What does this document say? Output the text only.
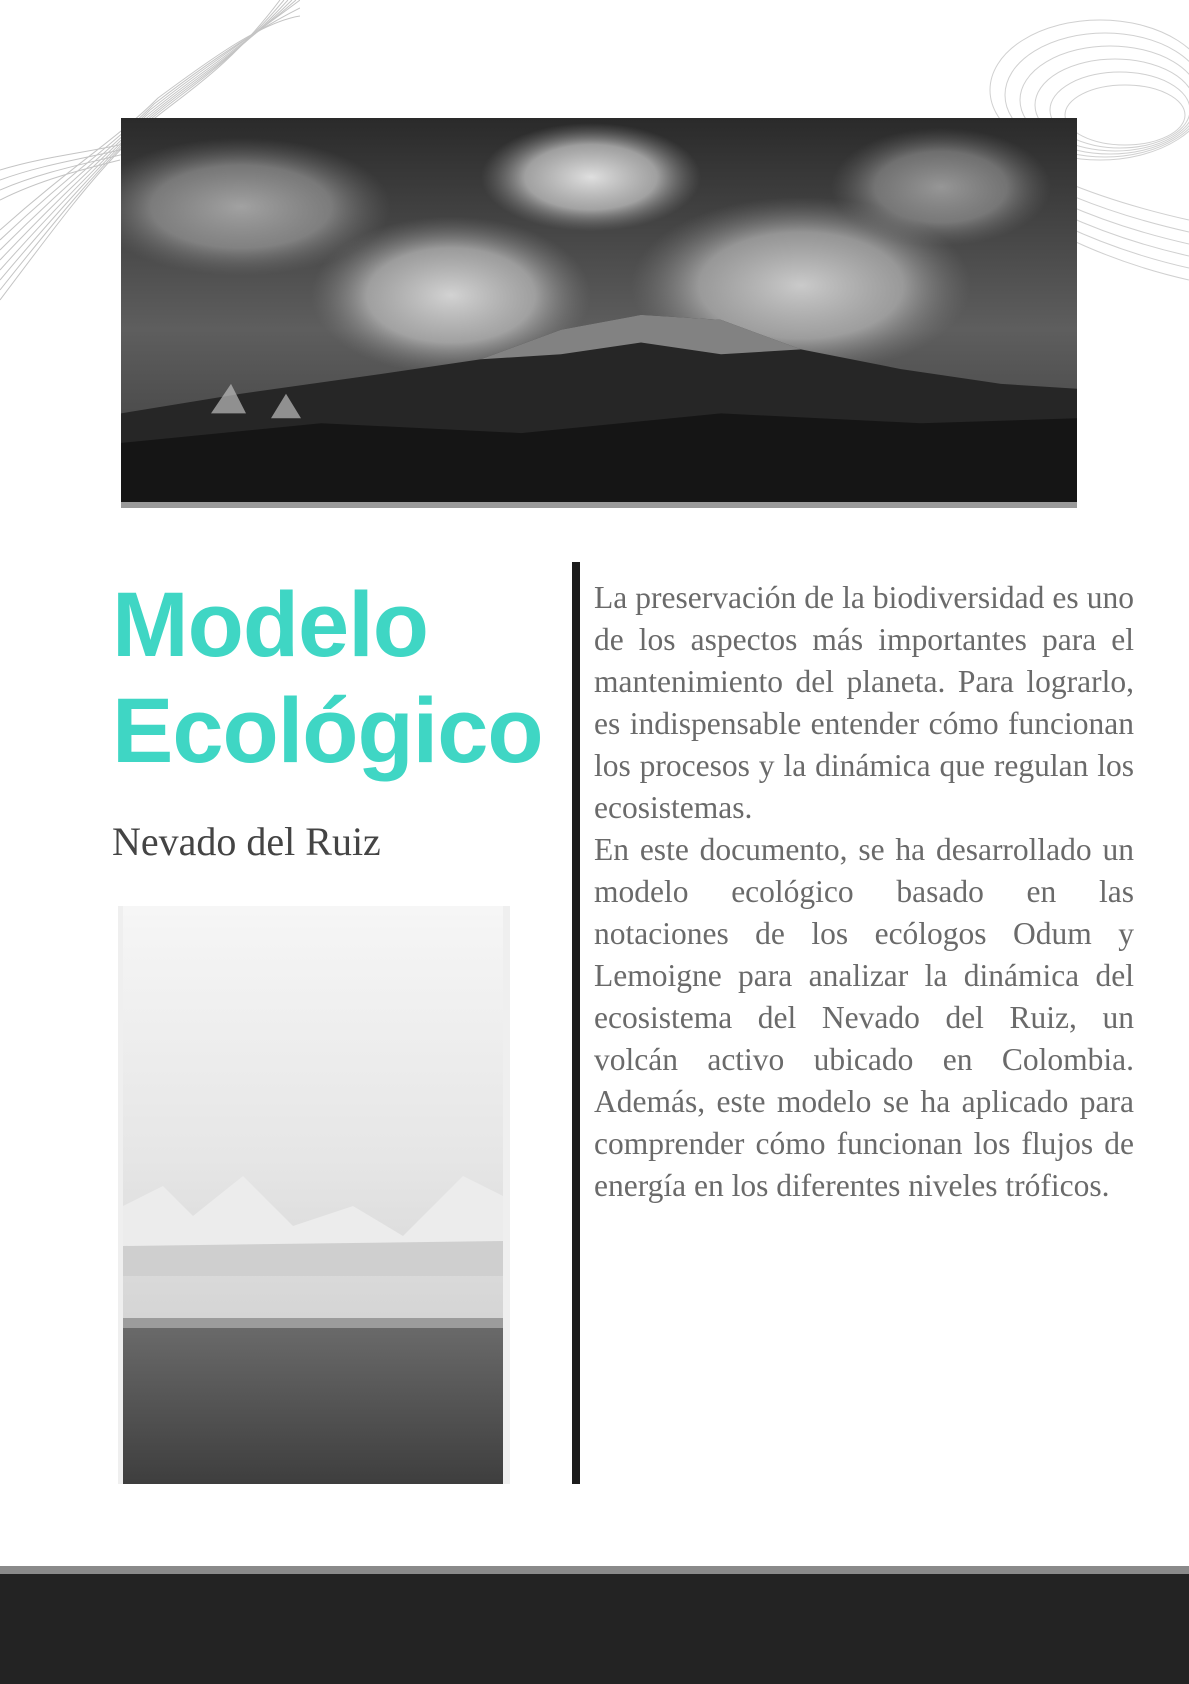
Modelo
Ecológico
Nevado del Ruiz

La preservación de la biodiversidad es uno de los aspectos más importantes para el mantenimiento del planeta. Para lograrlo, es indispensable entender cómo funcionan los procesos y la dinámica que regulan los ecosistemas.

En este documento, se ha desarrollado un modelo ecológico basado en las notaciones de los ecólogos Odum y Lemoigne para analizar la dinámica del ecosistema del Nevado del Ruiz, un volcán activo ubicado en Colombia. Además, este modelo se ha aplicado para comprender cómo funcionan los flujos de energía en los diferentes niveles tróficos.
